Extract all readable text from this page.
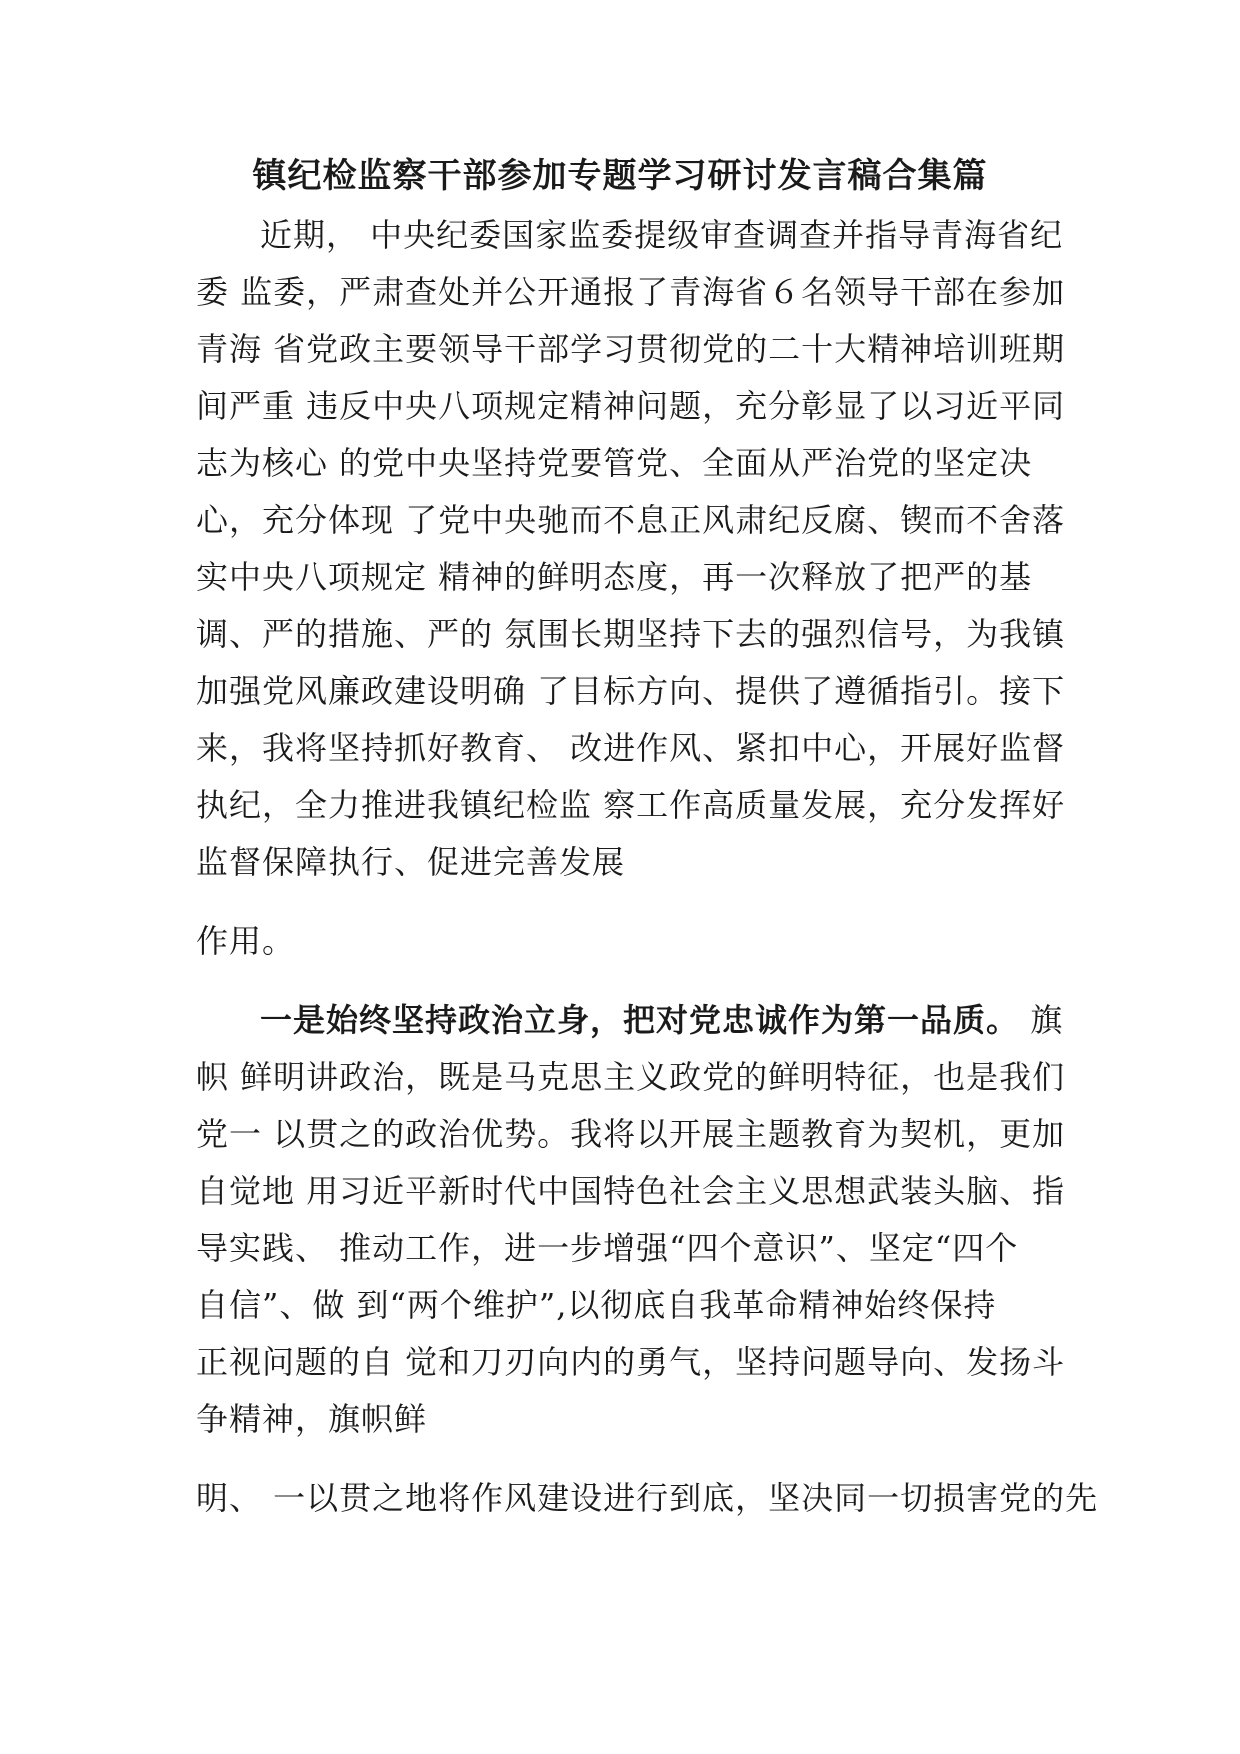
镇纪检监察干部参加专题学习研讨发言稿合集篇
近期， 中央纪委国家监委提级审查调查并指导青海省纪
委 监委，严肃查处并公开通报了青海省６名领导干部在参加
青海 省党政主要领导干部学习贯彻党的二十大精神培训班期
间严重 违反中央八项规定精神问题，充分彰显了以习近平同
志为核心 的党中央坚持党要管党、全面从严治党的坚定决
心，充分体现 了党中央驰而不息正风肃纪反腐、锲而不舍落
实中央八项规定 精神的鲜明态度，再一次释放了把严的基
调、严的措施、严的 氛围长期坚持下去的强烈信号，为我镇
加强党风廉政建设明确 了目标方向、提供了遵循指引。接下
来，我将坚持抓好教育、 改进作风、紧扣中心，开展好监督
执纪，全力推进我镇纪检监 察工作高质量发展，充分发挥好
监督保障执行、促进完善发展
作用。
一是始终坚持政治立身，把对党忠诚作为第一品质。 旗
帜 鲜明讲政治，既是马克思主义政党的鲜明特征，也是我们
党一 以贯之的政治优势。我将以开展主题教育为契机，更加
自觉地 用习近平新时代中国特色社会主义思想武装头脑、指
导实践、 推动工作，进一步增强“四个意识”、坚定“四个
自信”、做 到“两个维护”,以彻底自我革命精神始终保持
正视问题的自 觉和刀刃向内的勇气，坚持问题导向、发扬斗
争精神，旗帜鲜
明、 一以贯之地将作风建设进行到底，坚决同一切损害党的先
